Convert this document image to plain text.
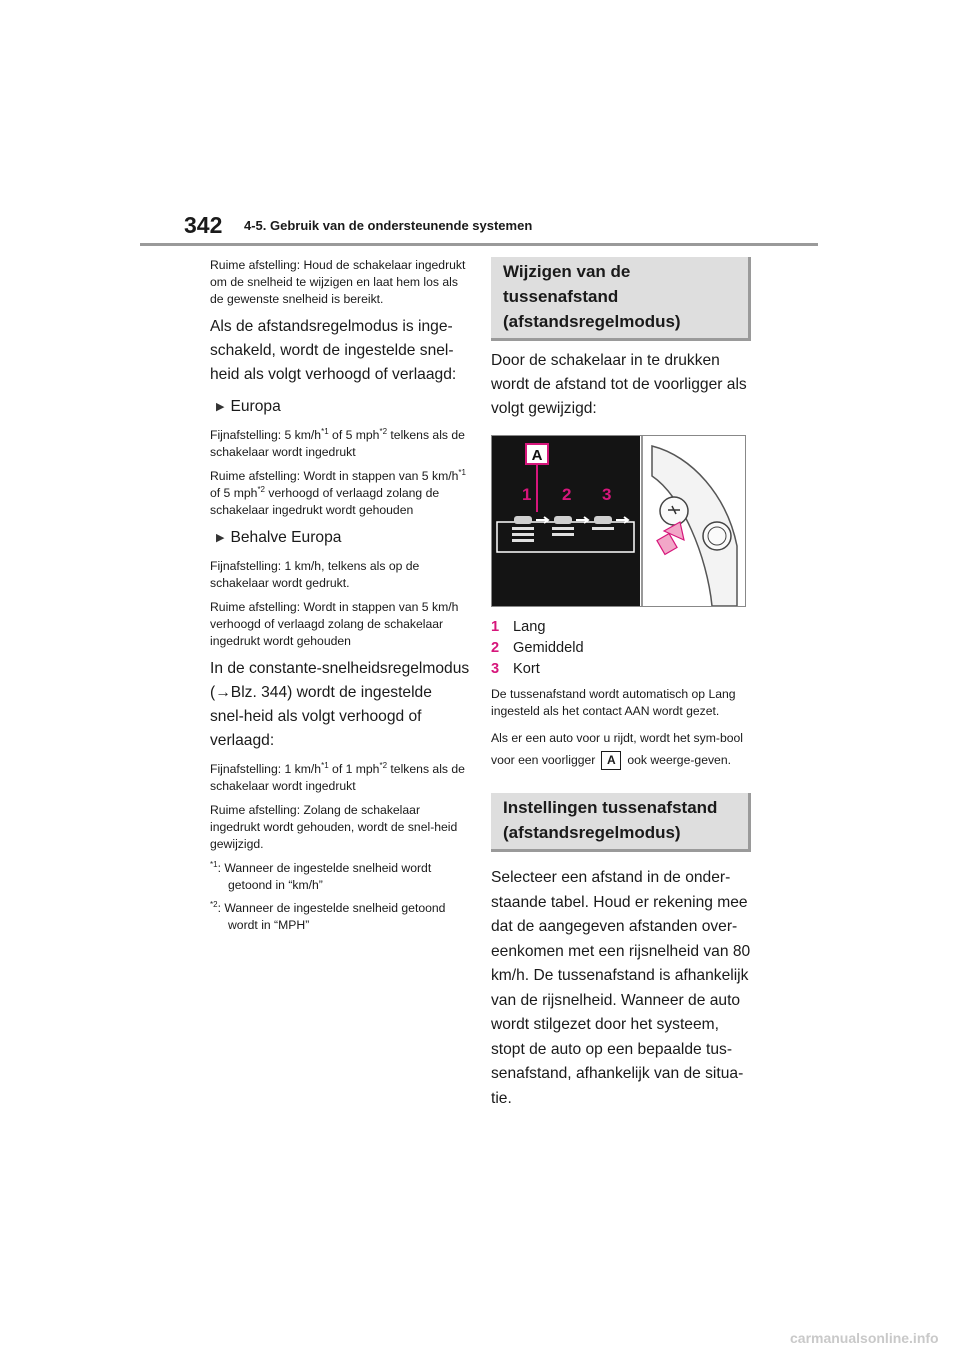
342 4-5. Gebruik van de ondersteunende systemen

Ruime afstelling: Houd de schakelaar ingedrukt om de snelheid te wijzigen en laat hem los als de gewenste snelheid is bereikt.

Als de afstandsregelmodus is inge-schakeld, wordt de ingestelde snel-heid als volgt verhoogd of verlaagd:

▶ Europa

Fijnafstelling: 5 $km/h^{*1}$ of 5 mph$^{*2}$ telkens als de schakelaar wordt ingedrukt

Ruime afstelling: Wordt in stappen van 5 $km/h^{*1}$ of 5 mph$^{*2}$ verhoogd of verlaagd zolang de schakelaar ingedrukt wordt gehouden

▶ Behalve Europa

Fijnafstelling: 1 km/h, telkens als op de schakelaar wordt gedrukt.

Ruime afstelling: Wordt in stappen van 5 km/h verhoogd of verlaagd zolang de schakelaar ingedrukt wordt gehouden

In de constante-snelheidsregelmodus (→Blz. 344) wordt de ingestelde snel-heid als volgt verhoogd of verlaagd:

Fijnafstelling: 1 $km/h^{*1}$ of 1 mph$^{*2}$ telkens als de schakelaar wordt ingedrukt

Ruime afstelling: Zolang de schakelaar ingedrukt wordt gehouden, wordt de snel-heid gewijzigd.

$^{*1}$: Wanneer de ingestelde snelheid wordt getoond in “km/h”

$^{*2}$: Wanneer de ingestelde snelheid getoond wordt in “MPH”

Wijzigen van de tussenafstand (afstandsregelmodus)

Door de schakelaar in te drukken wordt de afstand tot de voorligger als volgt gewijzigd:

A
1 2 3
1 Lang
2 Gemiddeld
3 Kort

De tussenafstand wordt automatisch op Lang ingesteld als het contact AAN wordt gezet.

Als er een auto voor u rijdt, wordt het sym-bool voor een voorligger A ook weerge-geven.

Instellingen tussenafstand (afstandsregelmodus)

Selecteer een afstand in de onder-staande tabel. Houd er rekening mee dat de aangegeven afstanden over-eenkomen met een rijsnelheid van 80 km/h. De tussenafstand is afhankelijk van de rijsnelheid. Wanneer de auto wordt stilgezet door het systeem, stopt de auto op een bepaalde tus-senafstand, afhankelijk van de situa-tie.

carmanualsonline.info
